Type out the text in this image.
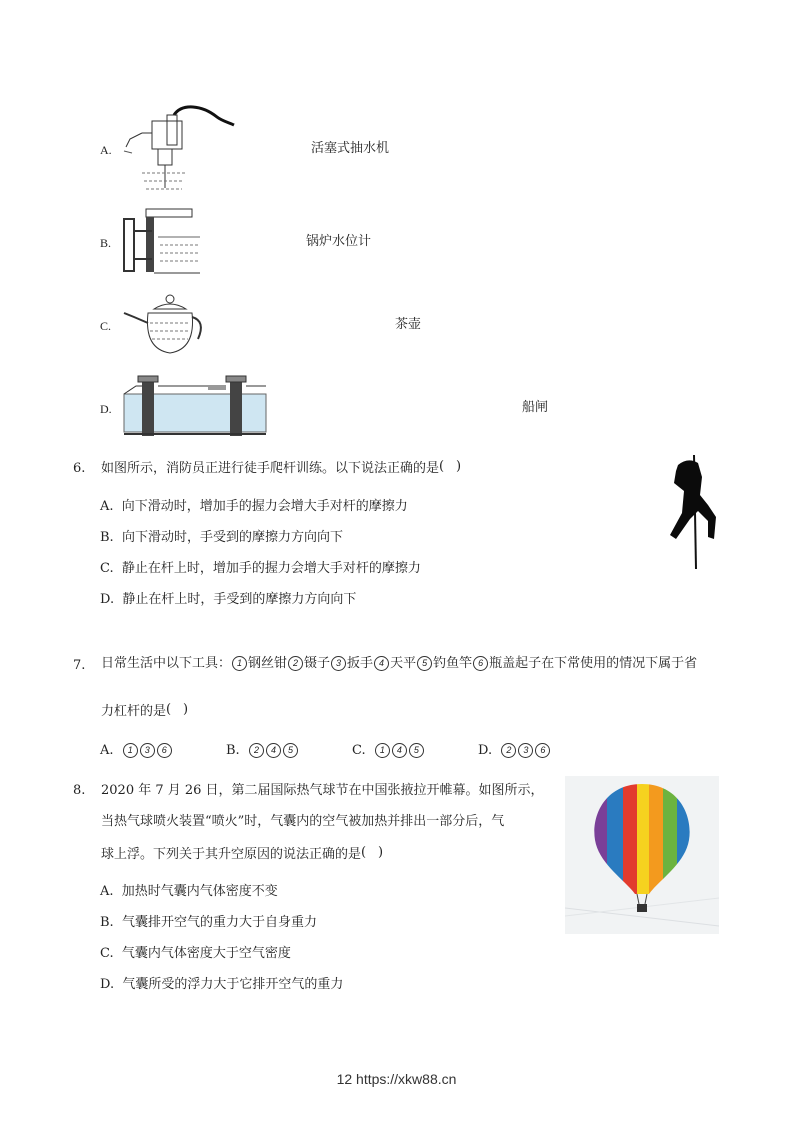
A.	活塞式抽水机
B.	锅炉水位计
C.	茶壶
D.	船闸
6. 如图所示，消防员正进行徒手爬杆训练。以下说法正确的是( )
A. 向下滑动时，增加手的握力会增大手对杆的摩擦力
B. 向下滑动时，手受到的摩擦力方向向下
C. 静止在杆上时，增加手的握力会增大手对杆的摩擦力
D. 静止在杆上时，手受到的摩擦力方向向下
7. 日常生活中以下工具： 1 钢丝钳 2 镊子 3 扳手 4 天平 5 钓鱼竿 6 瓶盖起子在下常使用的情况下属于省
力杠杆的是( )
A. 1 3 6	B. 2 4 5	C. 1 4 5	D. 2 3 6
8. 2020 年 7 月 26 日，第二届国际热气球节在中国张掖拉开帷幕。如图所示，
当热气球喷火装置“喷火”时，气囊内的空气被加热并排出一部分后，气
球上浮。下列关于其升空原因的说法正确的是( )
A. 加热时气囊内气体密度不变
B. 气囊排开空气的重力大于自身重力
C. 气囊内气体密度大于空气密度
D. 气囊所受的浮力大于它排开空气的重力
12 https://xkw88.cn
